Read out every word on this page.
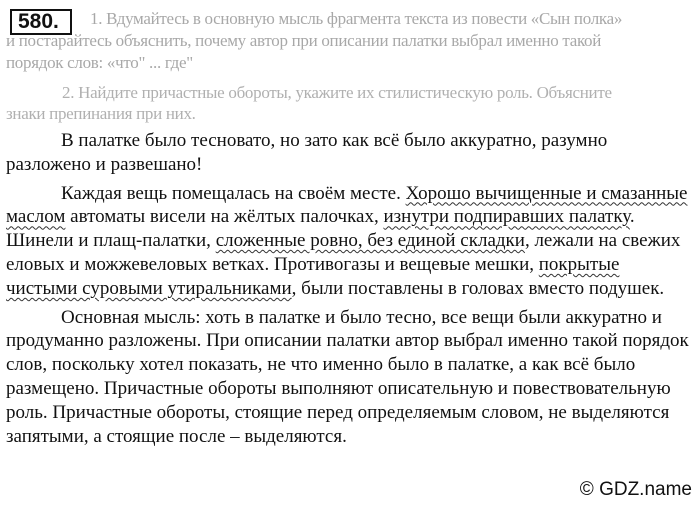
580. 1. Вдумайтесь в основную мысль фрагмента текста из повести «Сын полка»
и постарайтесь объяснить, почему автор при описании палатки выбрал именно такой
порядок слов: «что" ... где"
2. Найдите причастные обороты, укажите их стилистическую роль. Объясните
знаки препинания при них.

В палатке было тесновато, но зато как всё было аккуратно, разумно разложено и развешано!

Каждая вещь помещалась на своём месте. Хорошо вычищенные и смазанные маслом автоматы висели на жёлтых палочках, изнутри подпиравших палатку. Шинели и плащ-палатки, сложенные ровно, без единой складки, лежали на свежих еловых и можжевеловых ветках. Противогазы и вещевые мешки, покрытые чистыми суровыми утиральниками, были поставлены в головах вместо подушек.

Основная мысль: хоть в палатке и было тесно, все вещи были аккуратно и продуманно разложены. При описании палатки автор выбрал именно такой порядок слов, поскольку хотел показать, не что именно было в палатке, а как всё было размещено. Причастные обороты выполняют описательную и повествовательную роль. Причастные обороты, стоящие перед определяемым словом, не выделяются запятыми, а стоящие после – выделяются.

© GDZ.name
